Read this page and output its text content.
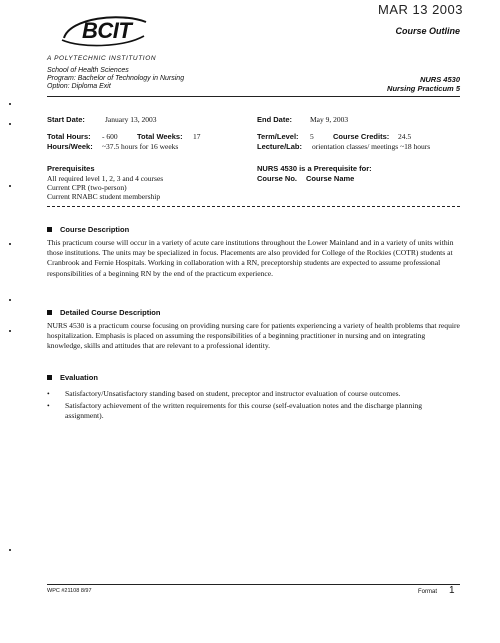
MAR 13 2003
BCIT
A POLYTECHNIC INSTITUTION
Course Outline
School of Health Sciences
Program: Bachelor of Technology in Nursing
Option: Diploma Exit
NURS 4530
Nursing Practicum 5
Start Date:	January 13, 2003	End Date: May 9, 2003
Total Hours: - 600	Total Weeks: 17	Term/Level: 5	Course Credits: 24.5
Hours/Week: ~37.5 hours for 16 weeks	Lecture/Lab: orientation classes/ meetings ~18 hours
Prerequisites
All required level 1, 2, 3 and 4 courses
Current CPR (two-person)
Current RNABC student membership
NURS 4530 is a Prerequisite for:
Course No. Course Name
Course Description
This practicum course will occur in a variety of acute care institutions throughout the Lower Mainland and in a variety of units within those institutions. The units may be specialized in focus. Placements are also provided for College of the Rockies (COTR) students at Cranbrook and Fernie Hospitals. Working in collaboration with a RN, preceptorship students are expected to assume professional responsibilities of a beginning RN by the end of the practicum experience.
Detailed Course Description
NURS 4530 is a practicum course focusing on providing nursing care for patients experiencing a variety of health problems that require hospitalization. Emphasis is placed on assuming the responsibilities of a beginning practitioner in nursing and on integrating knowledge, skills and attitudes that are relevant to a professional identity.
Evaluation
• Satisfactory/Unsatisfactory standing based on student, preceptor and instructor evaluation of course outcomes.
• Satisfactory achievement of the written requirements for this course (self-evaluation notes and the discharge planning assignment).
WPC #21108 8/97	Format 1
